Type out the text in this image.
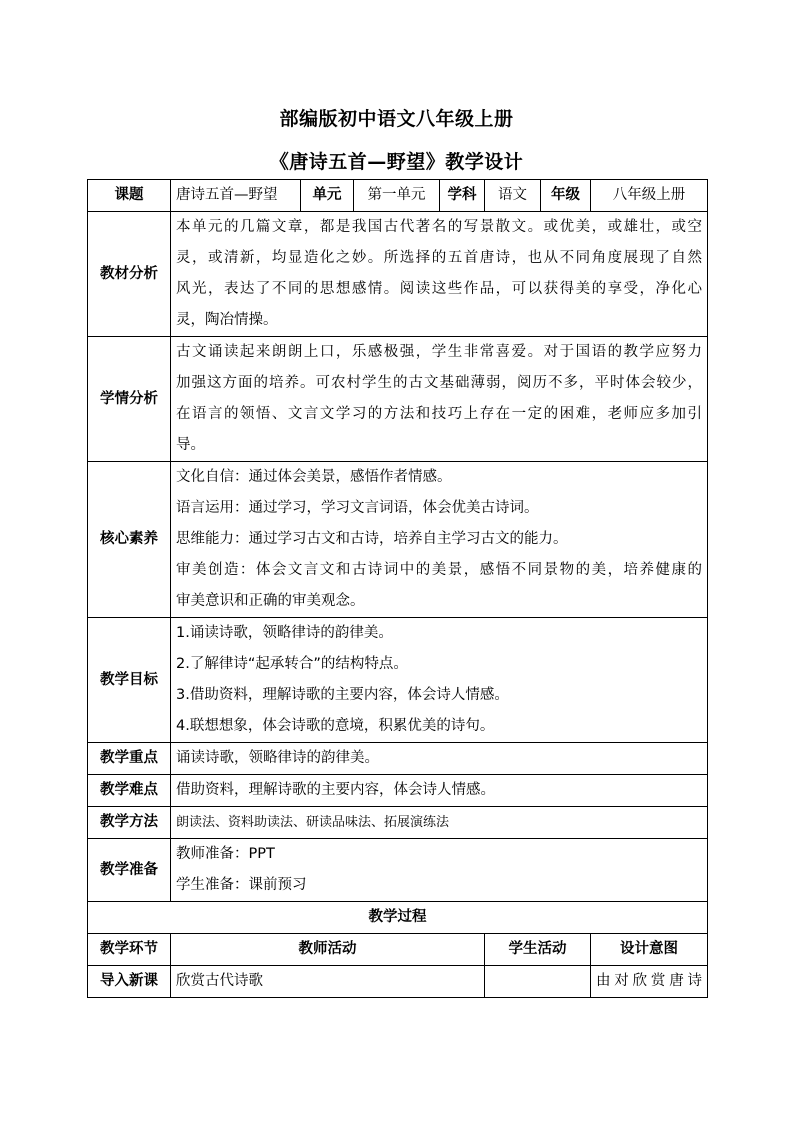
部编版初中语文八年级上册
《唐诗五首—野望》教学设计
课题	唐诗五首—野望	单元	第一单元	学科	语文	年级	八年级上册
教材分析	本单元的几篇文章，都是我国古代著名的写景散文。或优美，或雄壮，或空
灵，或清新，均显造化之妙。所选择的五首唐诗，也从不同角度展现了自然
风光，表达了不同的思想感情。阅读这些作品，可以获得美的享受，净化心
灵，陶冶情操。						

学情分析	古文诵读起来朗朗上口，乐感极强，学生非常喜爱。对于国语的教学应努力
加强这方面的培养。可农村学生的古文基础薄弱，阅历不多，平时体会较少，
在语言的领悟、文言文学习的方法和技巧上存在一定的困难，老师应多加引
导。						

核心素养	文化自信：通过体会美景，感悟作者情感。
语言运用：通过学习，学习文言词语，体会优美古诗词。
思维能力：通过学习古文和古诗，培养自主学习古文的能力。
审美创造：体会文言文和古诗词中的美景，感悟不同景物的美，培养健康的
审美意识和正确的审美观念。						

教学目标	1.诵读诗歌，领略律诗的韵律美。
2.了解律诗“起承转合”的结构特点。
3.借助资料，理解诗歌的主要内容，体会诗人情感。
4.联想想象，体会诗歌的意境，积累优美的诗句。						

教学重点	诵读诗歌，领略律诗的韵律美。						
教学难点	借助资料，理解诗歌的主要内容，体会诗人情感。						
教学方法	朗读法、资料助读法、研读品味法、拓展演练法						
教学准备	教师准备：PPT
学生准备：课前预习						

教学过程							
教学环节	教师活动				学生活动		设计意图
导入新课	欣赏古代诗歌						由对欣赏唐诗
